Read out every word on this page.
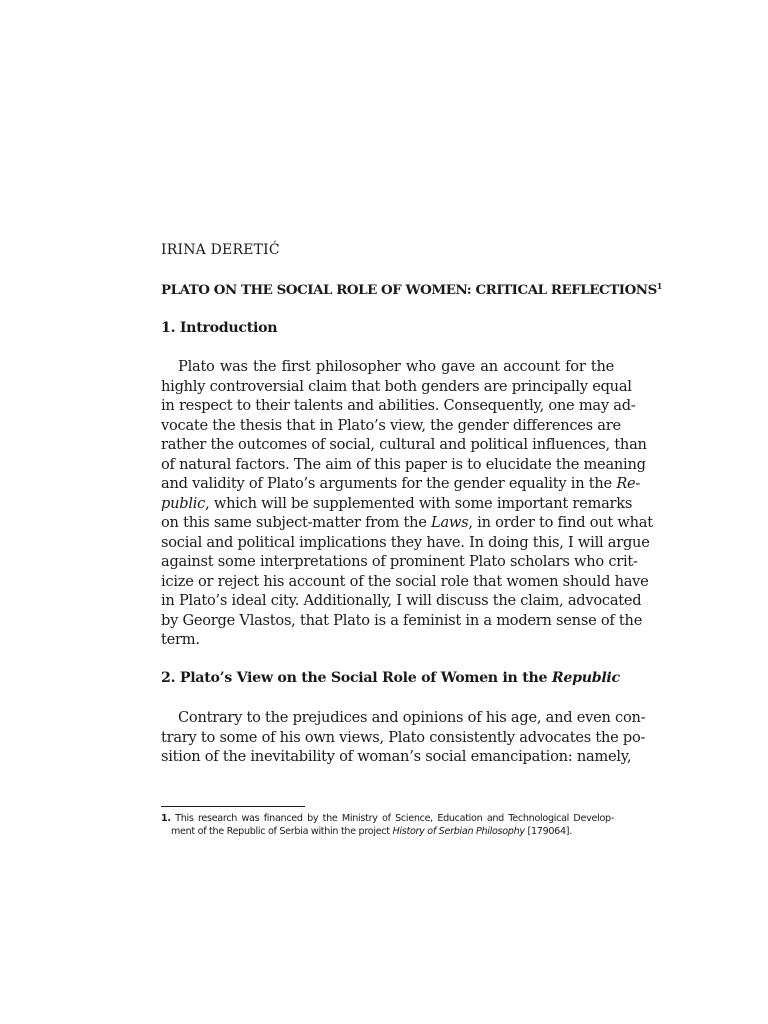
IRINA DERETIĆ
PLATO ON THE SOCIAL ROLE OF WOMEN: CRITICAL REFLECTIONS$^1$
1. Introduction
Plato was the first philosopher who gave an account for the
highly controversial claim that both genders are principally equal
in respect to their talents and abilities. Consequently, one may ad-
vocate the thesis that in Plato’s view, the gender differences are
rather the outcomes of social, cultural and political influences, than
of natural factors. The aim of this paper is to elucidate the meaning
and validity of Plato’s arguments for the gender equality in the Re-
public, which will be supplemented with some important remarks
on this same subject-matter from the Laws, in order to find out what
social and political implications they have. In doing this, I will argue
against some interpretations of prominent Plato scholars who crit-
icize or reject his account of the social role that women should have
in Plato’s ideal city. Additionally, I will discuss the claim, advocated
by George Vlastos, that Plato is a feminist in a modern sense of the
term.
2. Plato’s View on the Social Role of Women in the Republic
Contrary to the prejudices and opinions of his age, and even con-
trary to some of his own views, Plato consistently advocates the po-
sition of the inevitability of woman’s social emancipation: namely,
1. This research was financed by the Ministry of Science, Education and Technological Develop-
ment of the Republic of Serbia within the project History of Serbian Philosophy [179064].
